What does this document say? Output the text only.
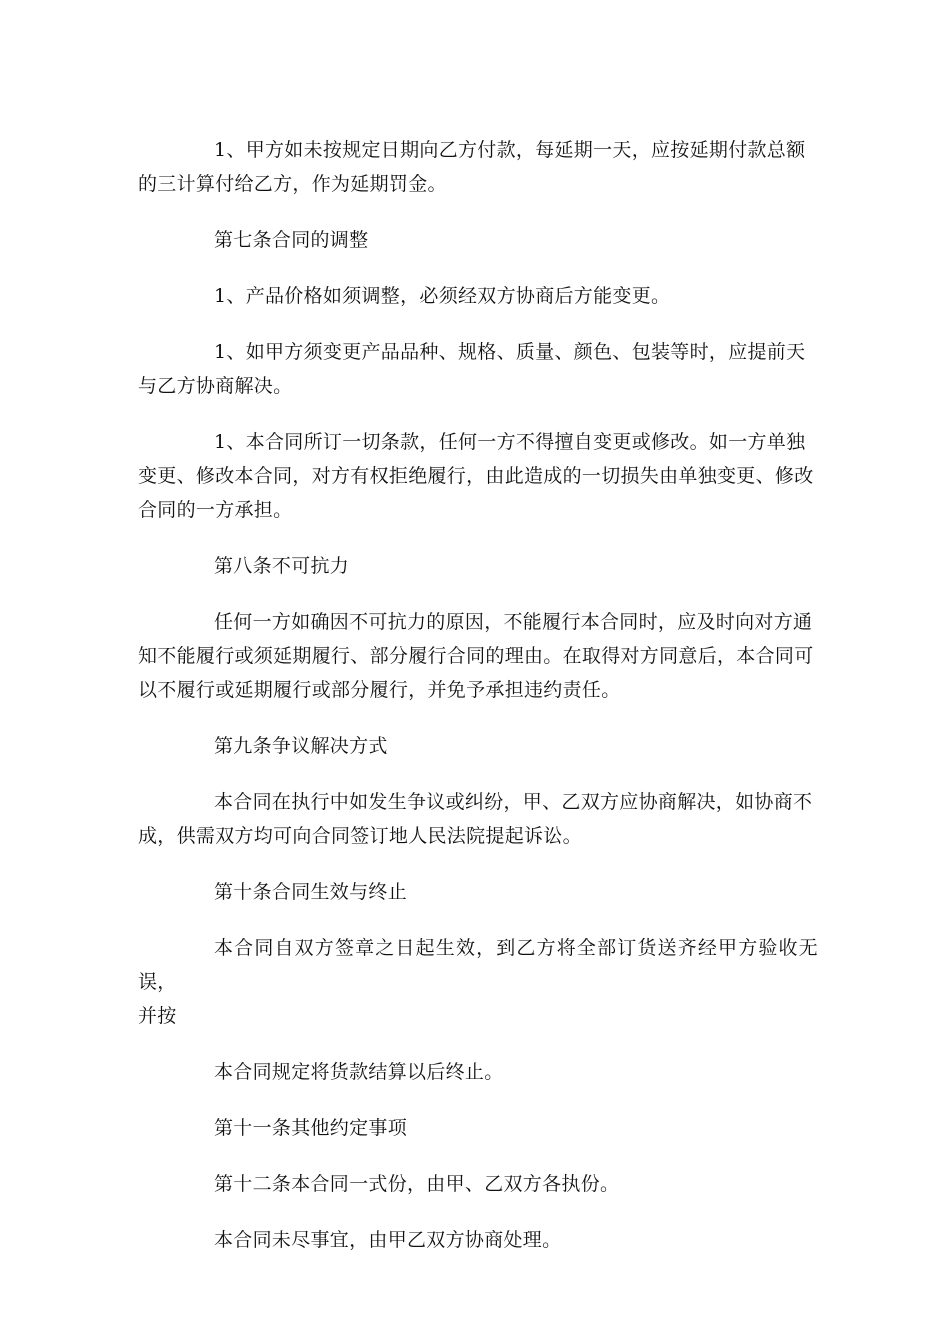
1、甲方如未按规定日期向乙方付款，每延期一天，应按延期付款总额
的三计算付给乙方，作为延期罚金。

第七条合同的调整

1、产品价格如须调整，必须经双方协商后方能变更。

1、如甲方须变更产品品种、规格、质量、颜色、包装等时，应提前天
与乙方协商解决。

1、本合同所订一切条款，任何一方不得擅自变更或修改。如一方单独
变更、修改本合同，对方有权拒绝履行，由此造成的一切损失由单独变更、修改
合同的一方承担。

第八条不可抗力

任何一方如确因不可抗力的原因，不能履行本合同时，应及时向对方通
知不能履行或须延期履行、部分履行合同的理由。在取得对方同意后，本合同可
以不履行或延期履行或部分履行，并免予承担违约责任。

第九条争议解决方式

本合同在执行中如发生争议或纠纷，甲、乙双方应协商解决，如协商不
成，供需双方均可向合同签订地人民法院提起诉讼。

第十条合同生效与终止

本合同自双方签章之日起生效，到乙方将全部订货送齐经甲方验收无误，
并按

本合同规定将货款结算以后终止。

第十一条其他约定事项

第十二条本合同一式份，由甲、乙双方各执份。

本合同未尽事宜，由甲乙双方协商处理。
